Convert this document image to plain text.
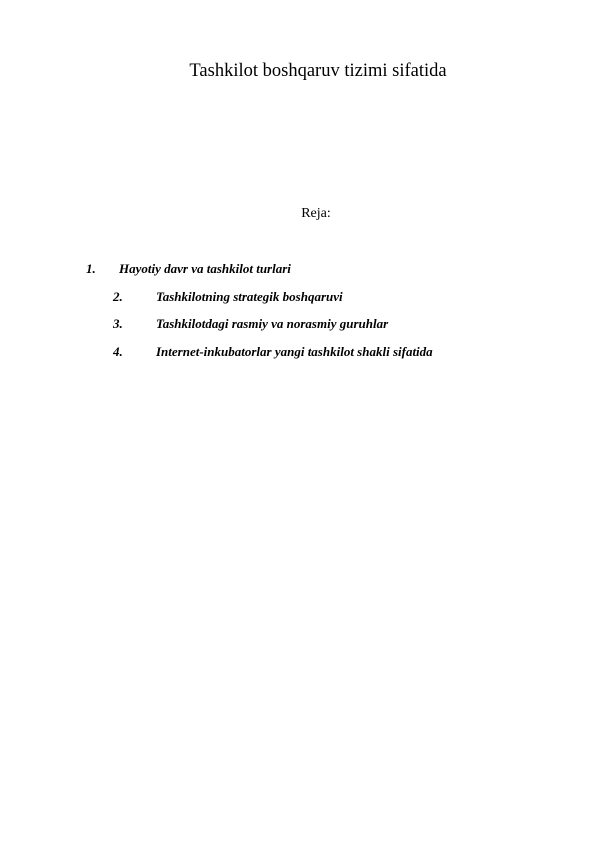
Tashkilot boshqaruv tizimi sifatida
Reja:
1. Hayotiy davr va tashkilot turlari
2.	Tashkilotning strategik boshqaruvi
3.	Tashkilotdagi rasmiy va norasmiy guruhlar
4.	Internet-inkubatorlar yangi tashkilot shakli sifatida
